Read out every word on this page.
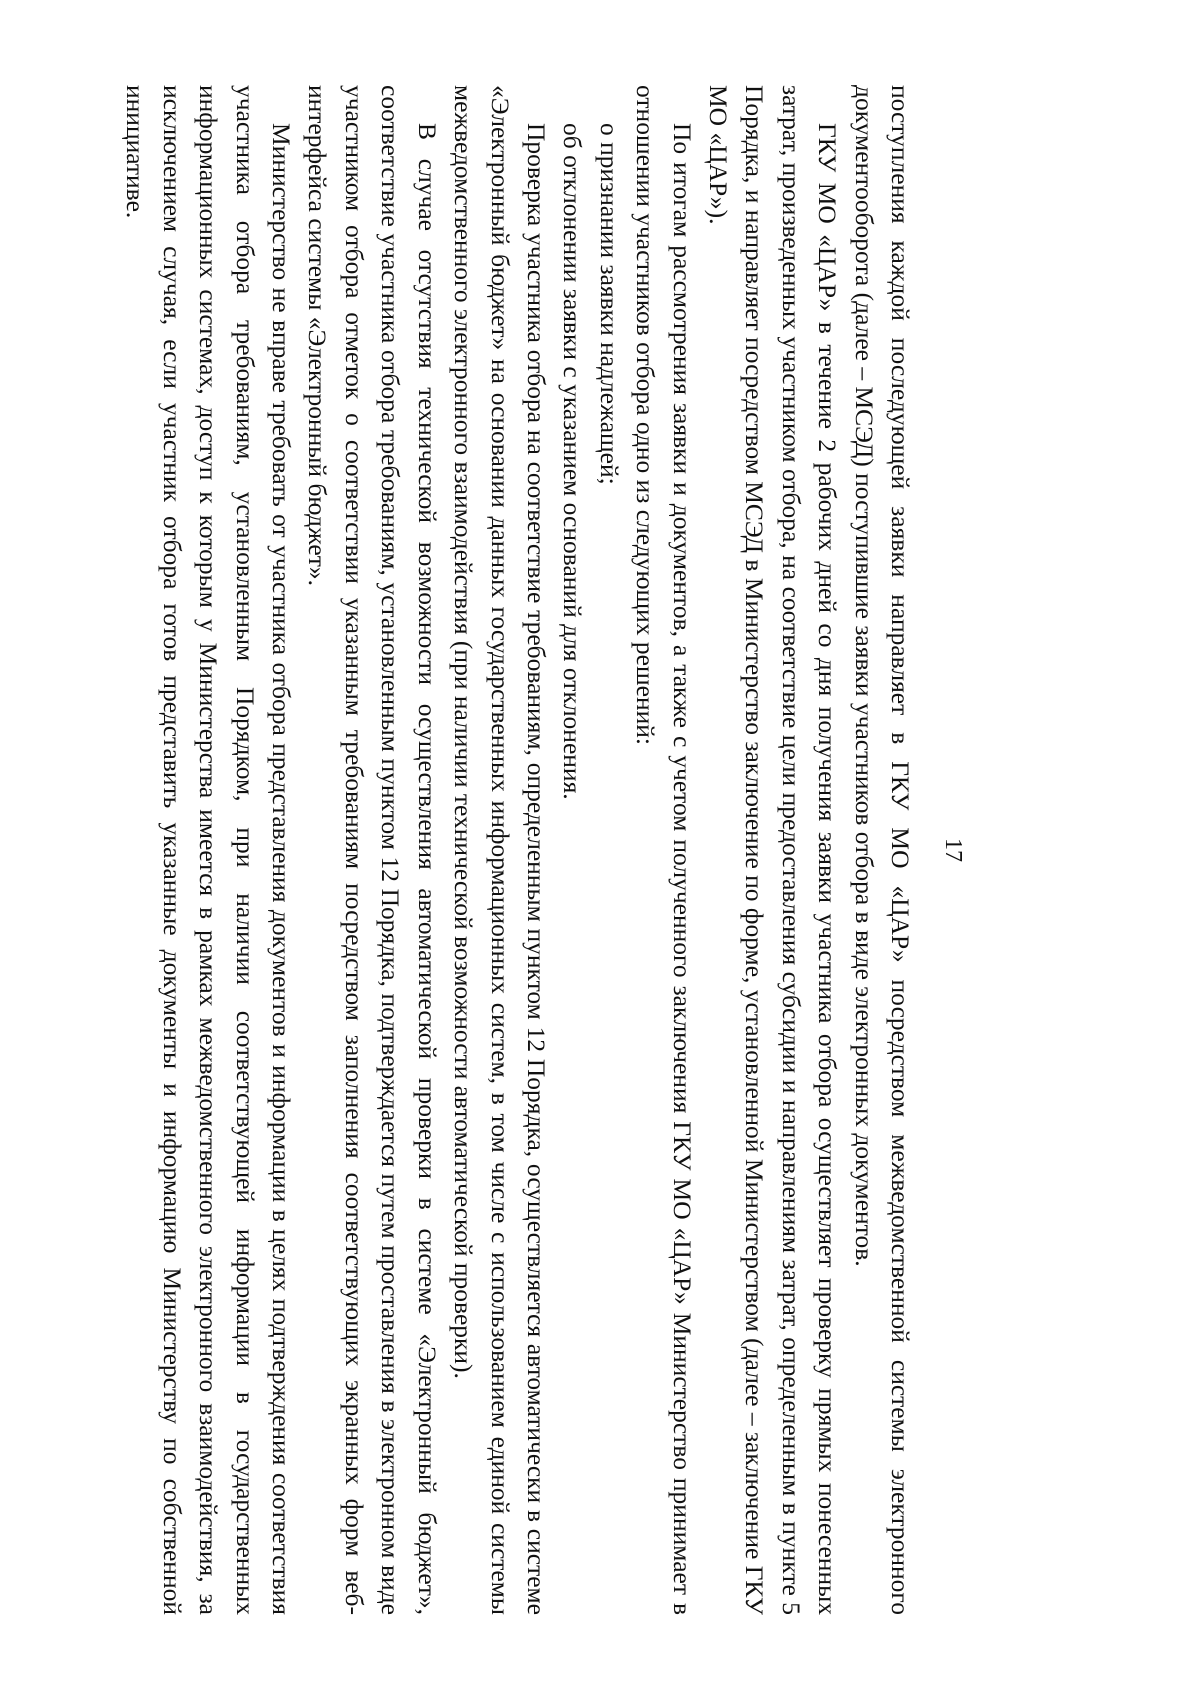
17

поступления каждой последующей заявки направляет в ГКУ МО «ЦАР» посредством межведомственной системы электронного документооборота (далее – МСЭД) поступившие заявки участников отбора в виде электронных документов.

ГКУ МО «ЦАР» в течение 2 рабочих дней со дня получения заявки участника отбора осуществляет проверку прямых понесенных затрат, произведенных участником отбора, на соответствие цели предоставления субсидии и направлениям затрат, определенным в пункте 5 Порядка, и направляет посредством МСЭД в Министерство заключение по форме, установленной Министерством (далее – заключение ГКУ МО «ЦАР»).

По итогам рассмотрения заявки и документов, а также с учетом полученного заключения ГКУ МО «ЦАР» Министерство принимает в отношении участников отбора одно из следующих решений:

о признании заявки надлежащей;

об отклонении заявки с указанием оснований для отклонения.

Проверка участника отбора на соответствие требованиям, определенным пунктом 12 Порядка, осуществляется автоматически в системе «Электронный бюджет» на основании данных государственных информационных систем, в том числе с использованием единой системы межведомственного электронного взаимодействия (при наличии технической возможности автоматической проверки).

В случае отсутствия технической возможности осуществления автоматической проверки в системе «Электронный бюджет», соответствие участника отбора требованиям, установленным пунктом 12 Порядка, подтверждается путем проставления в электронном виде участником отбора отметок о соответствии указанным требованиям посредством заполнения соответствующих экранных форм веб-интерфейса системы «Электронный бюджет».

Министерство не вправе требовать от участника отбора представления документов и информации в целях подтверждения соответствия участника отбора требованиям, установленным Порядком, при наличии соответствующей информации в государственных информационных системах, доступ к которым у Министерства имеется в рамках межведомственного электронного взаимодействия, за исключением случая, если участник отбора готов представить указанные документы и информацию Министерству по собственной инициативе.
